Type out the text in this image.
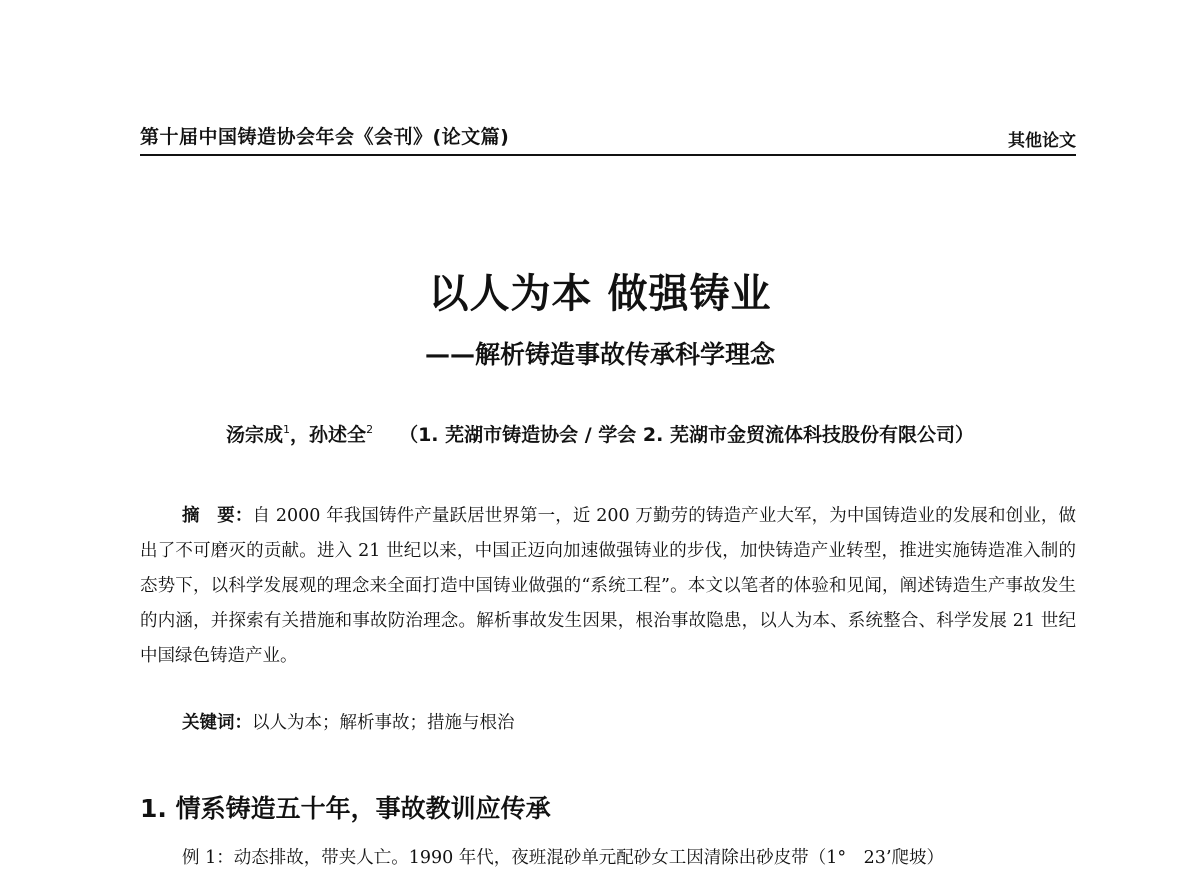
第十届中国铸造协会年会《会刊》(论文篇)	其他论文
以人为本 做强铸业
——解析铸造事故传承科学理念
汤宗成$^1$，孙述全$^2$ （1. 芜湖市铸造协会 / 学会 2. 芜湖市金贸流体科技股份有限公司）

摘　要：自 2000 年我国铸件产量跃居世界第一，近 200 万勤劳的铸造产业大军，为中国铸造业的发展和创业，做出了不可磨灭的贡献。进入 21 世纪以来，中国正迈向加速做强铸业的步伐，加快铸造产业转型，推进实施铸造准入制的态势下，以科学发展观的理念来全面打造中国铸业做强的“系统工程”。本文以笔者的体验和见闻，阐述铸造生产事故发生的内涵，并探索有关措施和事故防治理念。解析事故发生因果，根治事故隐患，以人为本、系统整合、科学发展 21 世纪中国绿色铸造产业。

关键词：以人为本；解析事故；措施与根治
1. 情系铸造五十年，事故教训应传承
例 1：动态排故，带夹人亡。1990 年代，夜班混砂单元配砂女工因清除出砂皮带（1°　23’爬坡）
